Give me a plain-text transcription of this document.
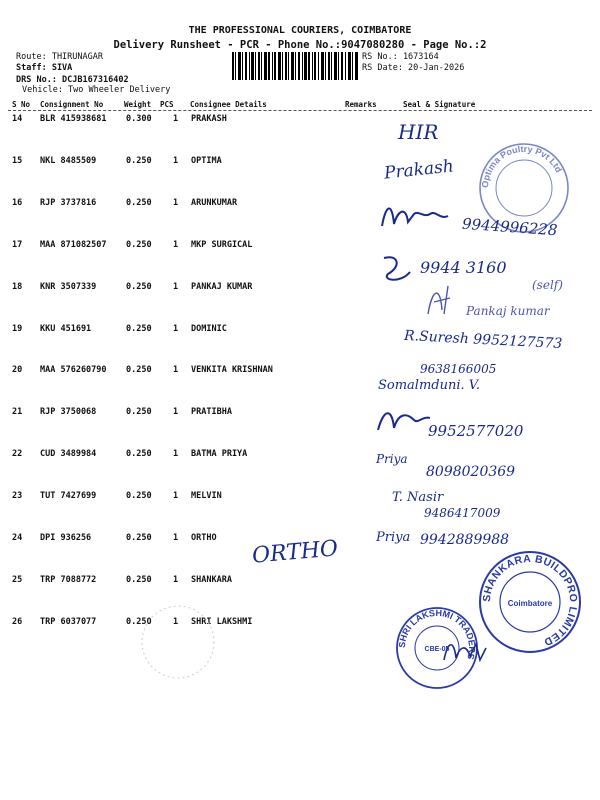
THE PROFESSIONAL COURIERS, COIMBATORE
Delivery Runsheet - PCR - Phone No.:9047080280 - Page No.:2
Route: THIRUNAGAR
Staff: SIVA
DRS No.: DCJB167316402
Vehicle: Two Wheeler Delivery
RS No.: 1673164
RS Date: 20-Jan-2026
S No Consignment No	Weight PCS Consignee Details	Remarks	Seal & Signature
14 BLR 415938681 0.300	1 PRAKASH
15 NKL 8485509	0.250	1 OPTIMA
16 RJP 3737816	0.250	1 ARUNKUMAR
17 MAA 871082507 0.250	1 MKP SURGICAL
18 KNR 3507339	0.250	1 PANKAJ KUMAR
19 KKU 451691	0.250	1 DOMINIC
20 MAA 576260790 0.250	1 VENKITA KRISHNAN
21 RJP 3750068	0.250	1 PRATIBHA
22 CUD 3489984	0.250	1 BATMA PRIYA
23 TUT 7427699	0.250	1 MELVIN
24 DPI 936256	0.250	1 ORTHO
25 TRP 7088772	0.250	1 SHANKARA
26 TRP 6037077	0.250	1 SHRI LAKSHMI
Optima Poultry Pvt Ltd
SHANKARA BUILDPRO LIMITED
Coimbatore
SHRI LAKSHMI TRADERS
CBE-05
HIR
Prakash
9944996228
9944 3160
(self)
Pankaj kumar
R.Suresh 9952127573
9638166005
Somalmduni. V.
9952577020
Priya
8098020369
T. Nasir
9486417009
ORTHO	Priya 9942889988
